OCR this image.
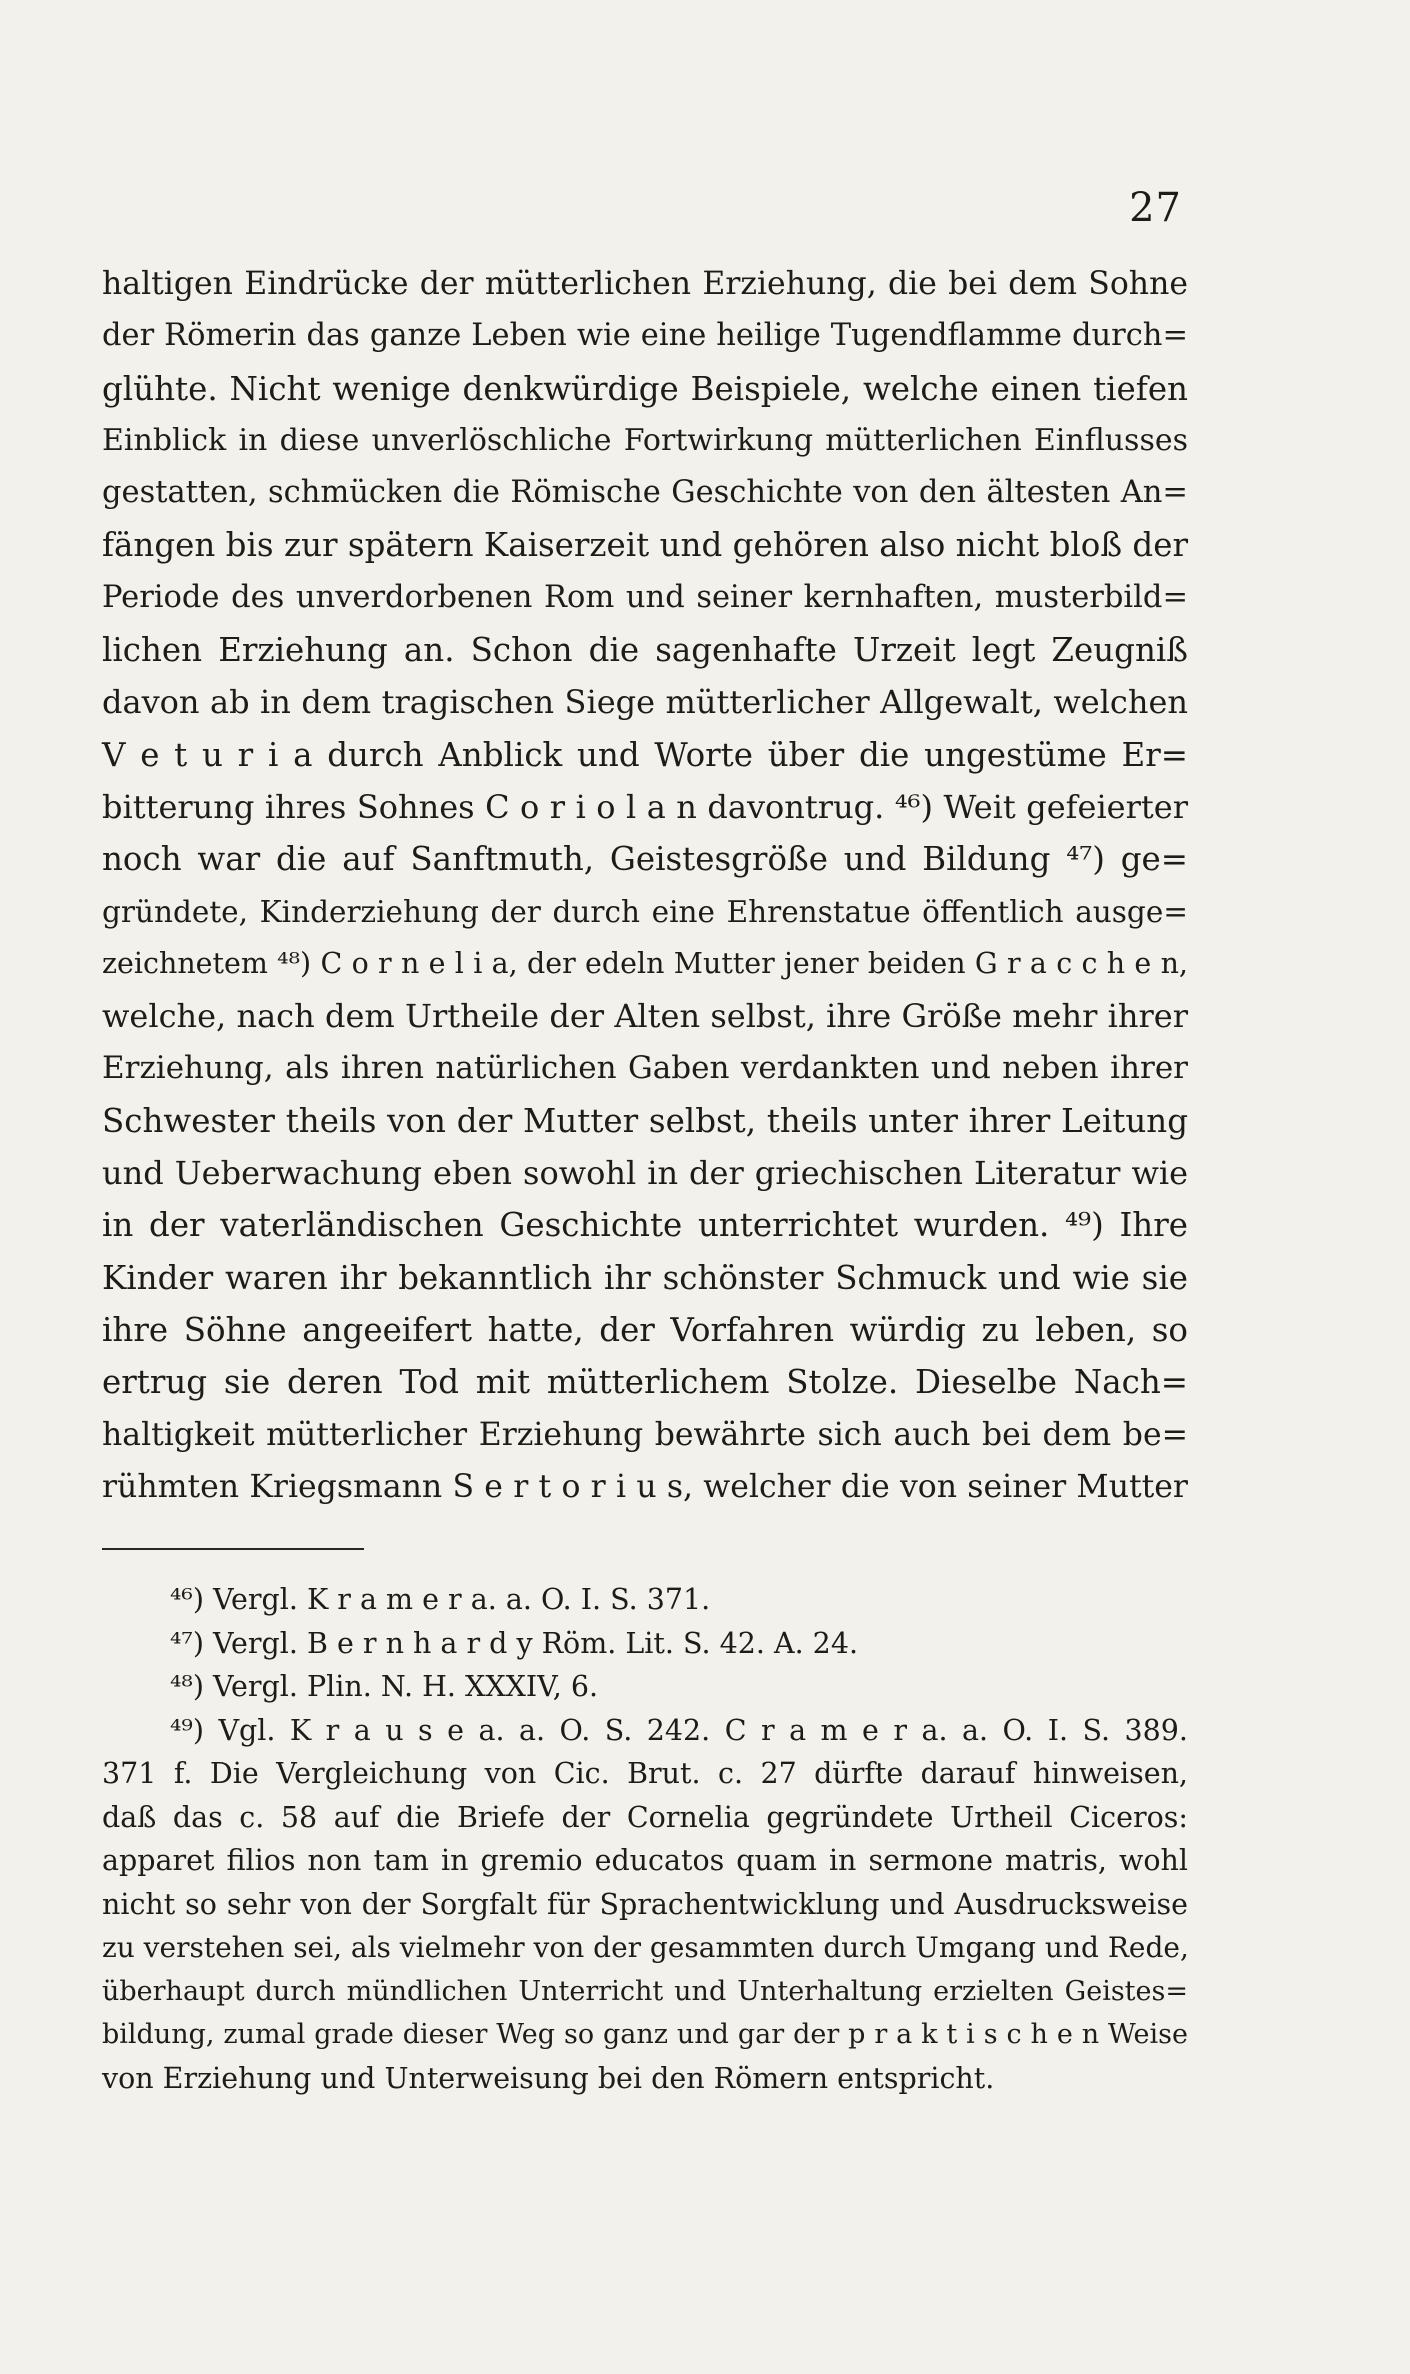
27
haltigen Eindrücke der mütterlichen Erziehung, die bei dem Sohne
der Römerin das ganze Leben wie eine heilige Tugendflamme durch=
glühte. Nicht wenige denkwürdige Beispiele, welche einen tiefen
Einblick in diese unverlöschliche Fortwirkung mütterlichen Einflusses
gestatten, schmücken die Römische Geschichte von den ältesten An=
fängen bis zur spätern Kaiserzeit und gehören also nicht bloß der
Periode des unverdorbenen Rom und seiner kernhaften, musterbild=
lichen Erziehung an. Schon die sagenhafte Urzeit legt Zeugniß
davon ab in dem tragischen Siege mütterlicher Allgewalt, welchen
V e t u r i a durch Anblick und Worte über die ungestüme Er=
bitterung ihres Sohnes C o r i o l a n davontrug. ⁴⁶) Weit gefeierter
noch war die auf Sanftmuth, Geistesgröße und Bildung ⁴⁷) ge=
gründete, Kinderziehung der durch eine Ehrenstatue öffentlich ausge=
zeichnetem ⁴⁸) C o r n e l i a, der edeln Mutter jener beiden G r a c c h e n,
welche, nach dem Urtheile der Alten selbst, ihre Größe mehr ihrer
Erziehung, als ihren natürlichen Gaben verdankten und neben ihrer
Schwester theils von der Mutter selbst, theils unter ihrer Leitung
und Ueberwachung eben sowohl in der griechischen Literatur wie
in der vaterländischen Geschichte unterrichtet wurden. ⁴⁹) Ihre
Kinder waren ihr bekanntlich ihr schönster Schmuck und wie sie
ihre Söhne angeeifert hatte, der Vorfahren würdig zu leben, so
ertrug sie deren Tod mit mütterlichem Stolze. Dieselbe Nach=
haltigkeit mütterlicher Erziehung bewährte sich auch bei dem be=
rühmten Kriegsmann S e r t o r i u s, welcher die von seiner Mutter
⁴⁶) Vergl. K r a m e r a. a. O. I. S. 371.
⁴⁷) Vergl. B e r n h a r d y Röm. Lit. S. 42. A. 24.
⁴⁸) Vergl. Plin. N. H. XXXIV, 6.
⁴⁹) Vgl. K r a u s e a. a. O. S. 242. C r a m e r a. a. O. I. S. 389.
371 f. Die Vergleichung von Cic. Brut. c. 27 dürfte darauf hinweisen,
daß das c. 58 auf die Briefe der Cornelia gegründete Urtheil Ciceros:
apparet filios non tam in gremio educatos quam in sermone matris, wohl
nicht so sehr von der Sorgfalt für Sprachentwicklung und Ausdrucksweise
zu verstehen sei, als vielmehr von der gesammten durch Umgang und Rede,
überhaupt durch mündlichen Unterricht und Unterhaltung erzielten Geistes=
bildung, zumal grade dieser Weg so ganz und gar der p r a k t i s c h e n Weise
von Erziehung und Unterweisung bei den Römern entspricht.
